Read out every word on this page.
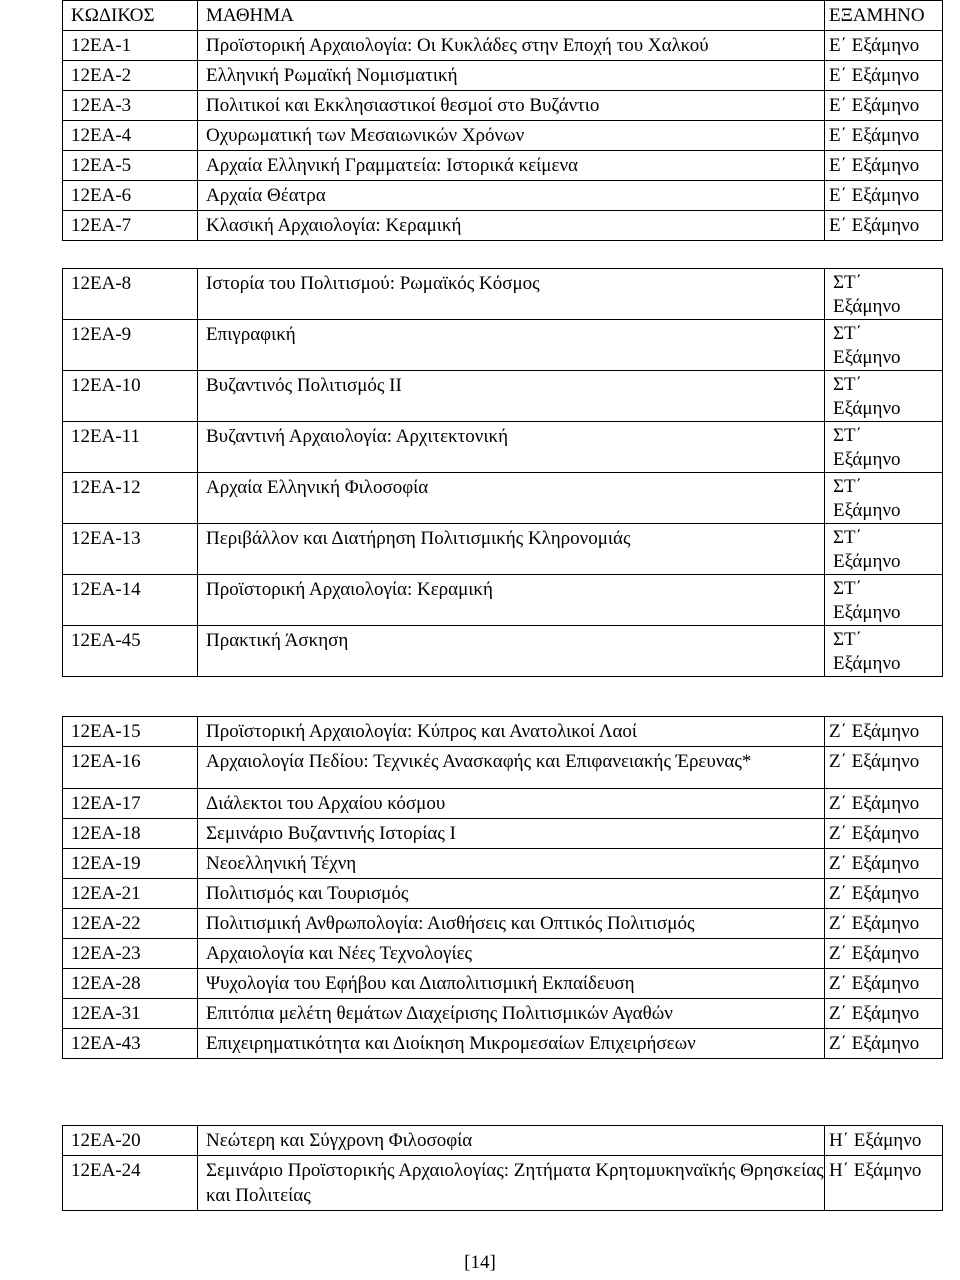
ΚΩΔΙΚΟΣ	ΜΑΘΗΜΑ	ΕΞΑΜΗΝΟ
12ΕΑ-1	Προϊστορική Αρχαιολογία: Οι Κυκλάδες στην Εποχή του Χαλκού	Ε΄ Εξάμηνο
12ΕΑ-2	Ελληνική Ρωμαϊκή Νομισματική	Ε΄ Εξάμηνο
12ΕΑ-3	Πολιτικοί και Εκκλησιαστικοί θεσμοί στο Βυζάντιο	Ε΄ Εξάμηνο
12ΕΑ-4	Οχυρωματική των Μεσαιωνικών Χρόνων	Ε΄ Εξάμηνο
12ΕΑ-5	Αρχαία Ελληνική Γραμματεία: Ιστορικά κείμενα	Ε΄ Εξάμηνο
12ΕΑ-6	Αρχαία Θέατρα	Ε΄ Εξάμηνο
12ΕΑ-7	Κλασική Αρχαιολογία: Κεραμική	Ε΄ Εξάμηνο
12ΕΑ-8	Ιστορία του Πολιτισμού: Ρωμαϊκός Κόσμος	ΣΤ΄
Εξάμηνο

12ΕΑ-9	Επιγραφική	ΣΤ΄
Εξάμηνο

12ΕΑ-10	Βυζαντινός Πολιτισμός ΙΙ	ΣΤ΄
Εξάμηνο

12ΕΑ-11	Βυζαντινή Αρχαιολογία: Αρχιτεκτονική	ΣΤ΄
Εξάμηνο

12ΕΑ-12	Αρχαία Ελληνική Φιλοσοφία	ΣΤ΄
Εξάμηνο

12ΕΑ-13	Περιβάλλον και Διατήρηση Πολιτισμικής Κληρονομιάς	ΣΤ΄
Εξάμηνο

12ΕΑ-14	Προϊστορική Αρχαιολογία: Κεραμική	ΣΤ΄
Εξάμηνο

12ΕΑ-45	Πρακτική Άσκηση	ΣΤ΄
Εξάμηνο
12ΕΑ-15	Προϊστορική Αρχαιολογία: Κύπρος και Ανατολικοί Λαοί	Ζ΄ Εξάμηνο
12ΕΑ-16	Αρχαιολογία Πεδίου: Τεχνικές Ανασκαφής και Επιφανειακής Έρευνας*	Ζ΄ Εξάμηνο
12ΕΑ-17	Διάλεκτοι του Αρχαίου κόσμου	Ζ΄ Εξάμηνο
12ΕΑ-18	Σεμινάριο Βυζαντινής Ιστορίας Ι	Ζ΄ Εξάμηνο
12ΕΑ-19	Νεοελληνική Τέχνη	Ζ΄ Εξάμηνο
12ΕΑ-21	Πολιτισμός και Τουρισμός	Ζ΄ Εξάμηνο
12ΕΑ-22	Πολιτισμική Ανθρωπολογία: Αισθήσεις και Οπτικός Πολιτισμός	Ζ΄ Εξάμηνο
12ΕΑ-23	Αρχαιολογία και Νέες Τεχνολογίες	Ζ΄ Εξάμηνο
12ΕΑ-28	Ψυχολογία του Εφήβου και Διαπολιτισμική Εκπαίδευση	Ζ΄ Εξάμηνο
12ΕΑ-31	Επιτόπια μελέτη θεμάτων Διαχείρισης Πολιτισμικών Αγαθών	Ζ΄ Εξάμηνο
12ΕΑ-43	Επιχειρηματικότητα και Διοίκηση Μικρομεσαίων Επιχειρήσεων	Ζ΄ Εξάμηνο
12ΕΑ-20	Νεώτερη και Σύγχρονη Φιλοσοφία	Η΄ Εξάμηνο
12ΕΑ-24	Σεμινάριο Προϊστορικής Αρχαιολογίας: Ζητήματα Κρητομυκηναϊκής Θρησκείας και Πολιτείας	Η΄ Εξάμηνο
[14]
